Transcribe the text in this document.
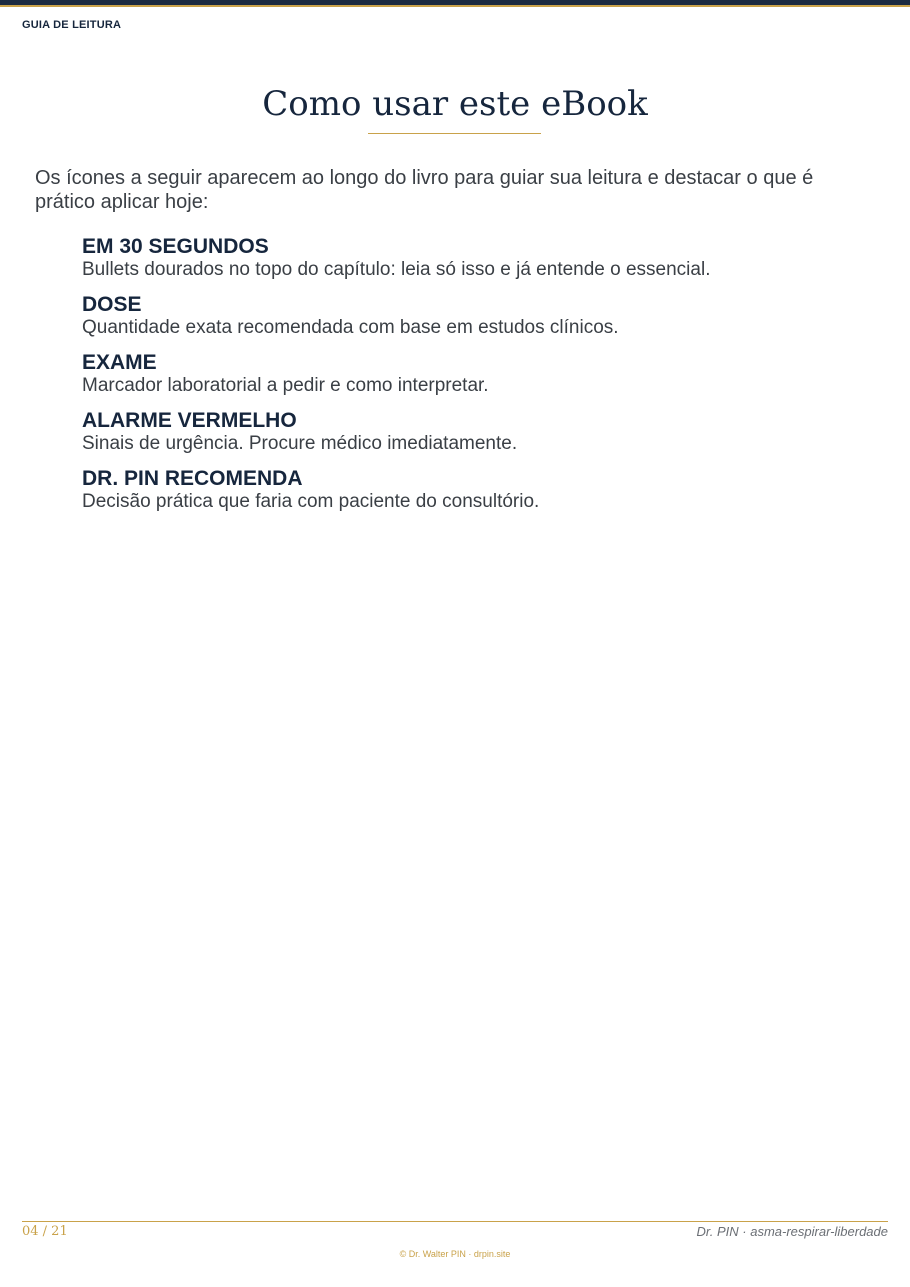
GUIA DE LEITURA
Como usar este eBook

Os ícones a seguir aparecem ao longo do livro para guiar sua leitura e destacar o que é prático aplicar hoje:

EM 30 SEGUNDOS
Bullets dourados no topo do capítulo: leia só isso e já entende o essencial.
DOSE
Quantidade exata recomendada com base em estudos clínicos.
EXAME
Marcador laboratorial a pedir e como interpretar.
ALARME VERMELHO
Sinais de urgência. Procure médico imediatamente.
DR. PIN RECOMENDA
Decisão prática que faria com paciente do consultório.
04 / 21	Dr. PIN · asma-respirar-liberdade
© Dr. Walter PIN · drpin.site
